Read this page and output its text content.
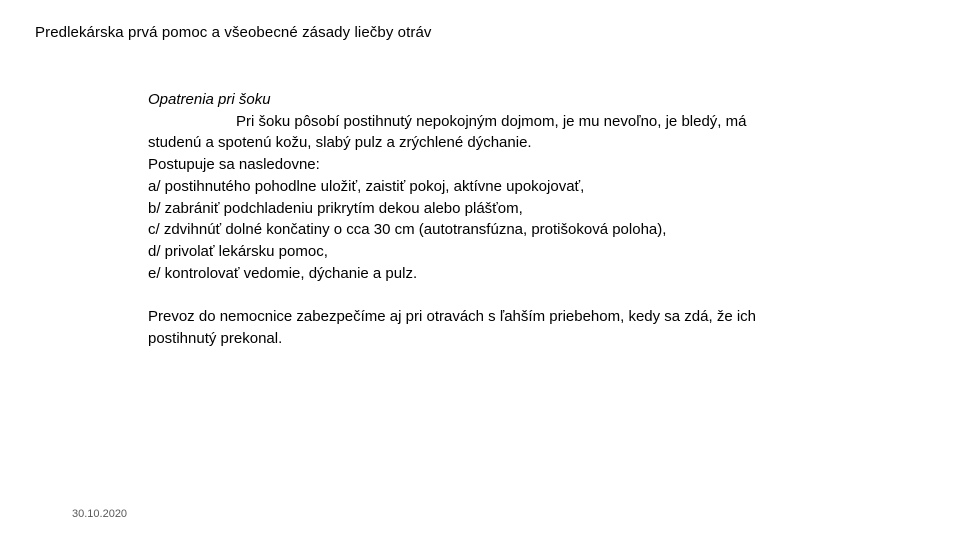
Predlekárska prvá pomoc a všeobecné zásady liečby otráv
Opatrenia pri šoku
Pri šoku pôsobí postihnutý nepokojným dojmom, je mu nevoľno, je bledý, má
studenú a spotenú kožu, slabý pulz a zrýchlené dýchanie.
Postupuje sa nasledovne:
a/ postihnutého pohodlne uložiť, zaistiť pokoj, aktívne upokojovať,
b/ zabrániť podchladeniu prikrytím dekou alebo plášťom,
c/ zdvihnúť dolné končatiny o cca 30 cm (autotransfúzna, protišoková poloha),
d/ privolať lekársku pomoc,
e/ kontrolovať vedomie, dýchanie a pulz.
Prevoz do nemocnice zabezpečíme aj pri otravách s ľahším priebehom, kedy sa zdá, že ich
postihnutý prekonal.
30.10.2020
